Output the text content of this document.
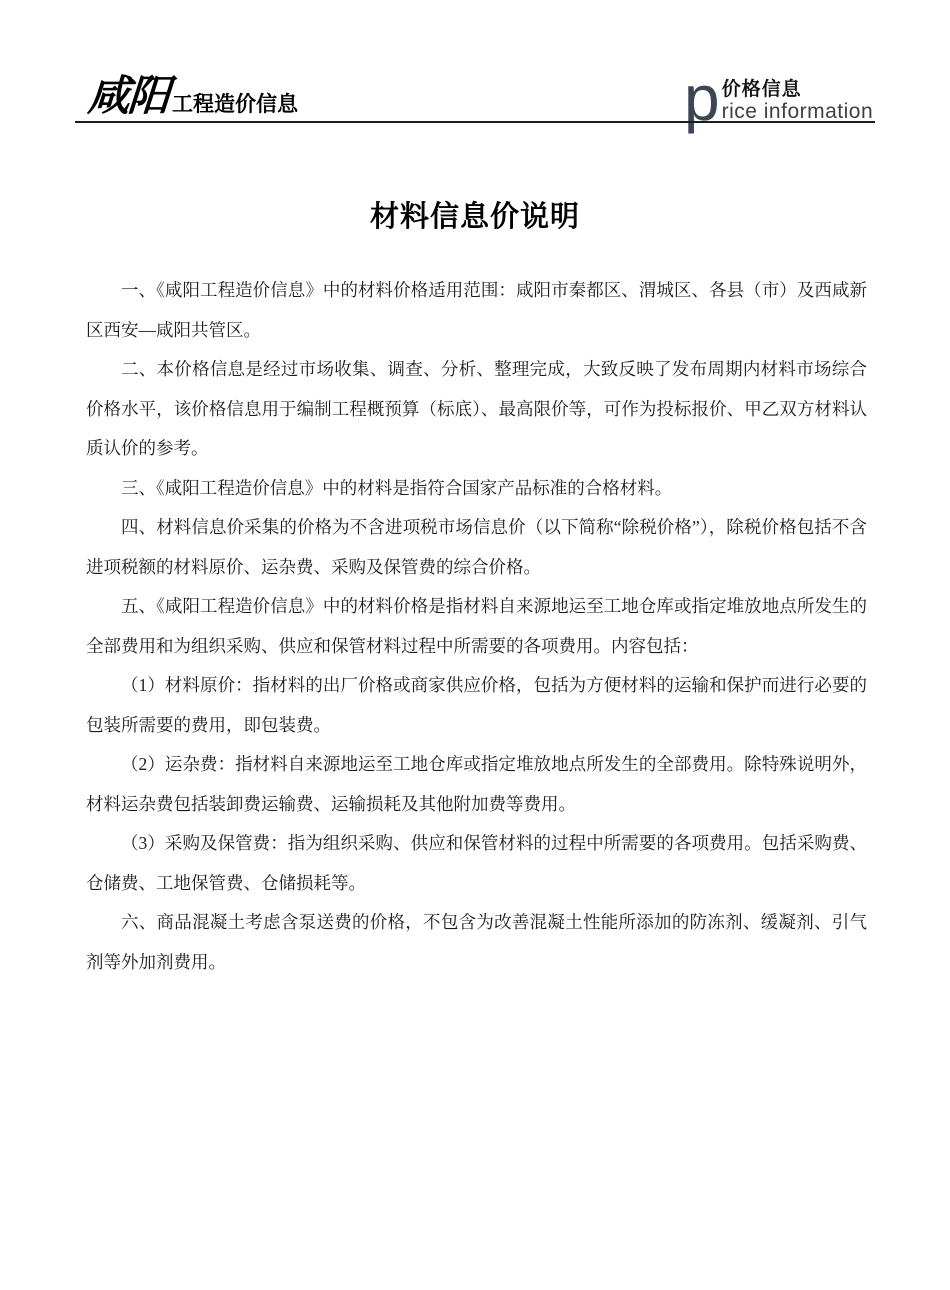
咸阳 工程造价信息	p 价格信息
rice information
材料信息价说明

一、《咸阳工程造价信息》中的材料价格适用范围：咸阳市秦都区、渭城区、各县（市）及西咸新区西安—咸阳共管区。

二、本价格信息是经过市场收集、调查、分析、整理完成，大致反映了发布周期内材料市场综合价格水平，该价格信息用于编制工程概预算（标底）、最高限价等，可作为投标报价、甲乙双方材料认质认价的参考。

三、《咸阳工程造价信息》中的材料是指符合国家产品标准的合格材料。

四、材料信息价采集的价格为不含进项税市场信息价（以下简称“除税价格”），除税价格包括不含进项税额的材料原价、运杂费、采购及保管费的综合价格。

五、《咸阳工程造价信息》中的材料价格是指材料自来源地运至工地仓库或指定堆放地点所发生的全部费用和为组织采购、供应和保管材料过程中所需要的各项费用。内容包括：

（1）材料原价：指材料的出厂价格或商家供应价格，包括为方便材料的运输和保护而进行必要的包装所需要的费用，即包装费。

（2）运杂费：指材料自来源地运至工地仓库或指定堆放地点所发生的全部费用。除特殊说明外，材料运杂费包括装卸费运输费、运输损耗及其他附加费等费用。

（3）采购及保管费：指为组织采购、供应和保管材料的过程中所需要的各项费用。包括采购费、仓储费、工地保管费、仓储损耗等。

六、商品混凝土考虑含泵送费的价格，不包含为改善混凝土性能所添加的防冻剂、缓凝剂、引气剂等外加剂费用。
